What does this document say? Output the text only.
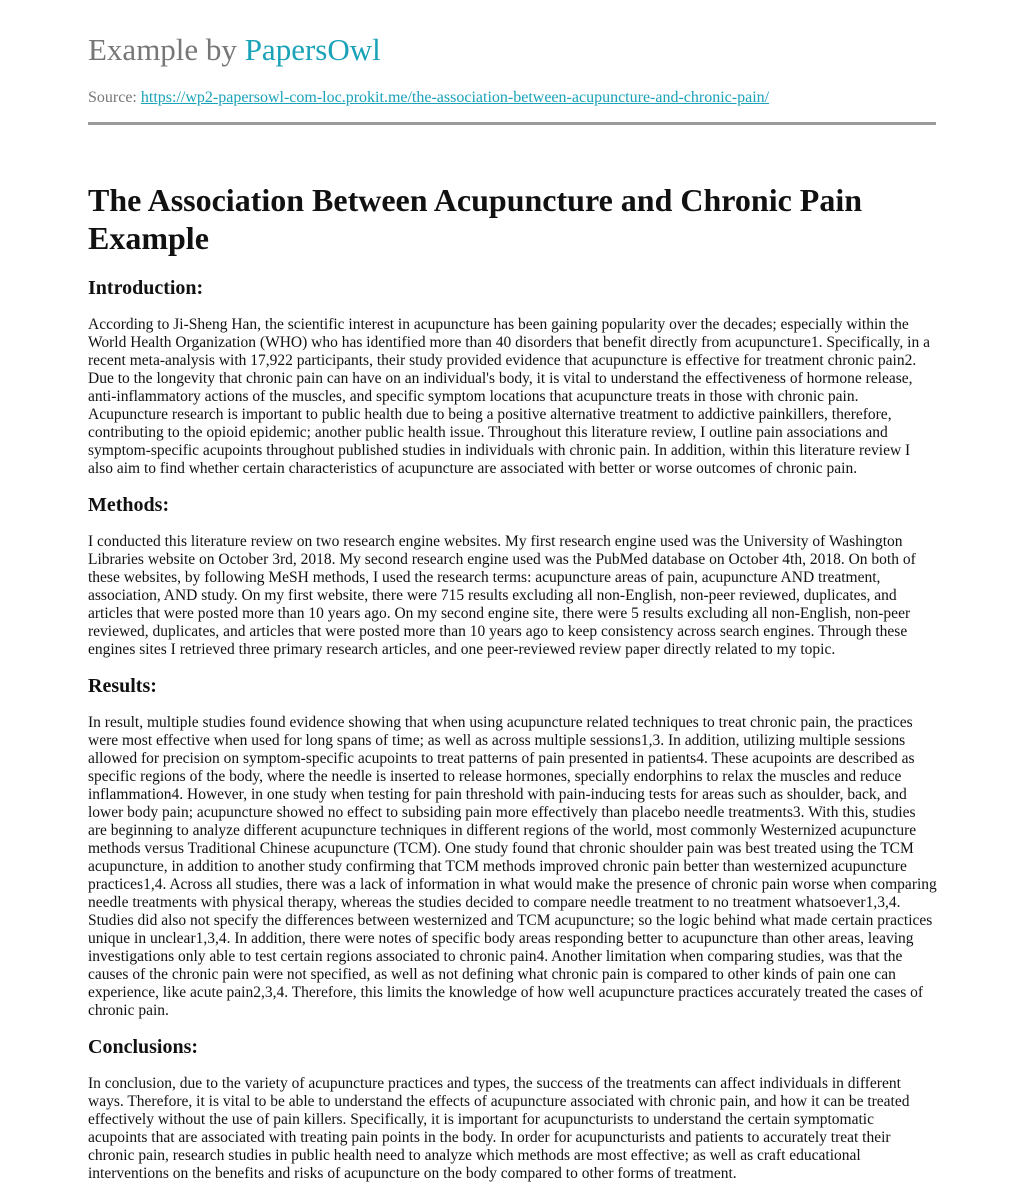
Example by PapersOwl
Source: https://wp2-papersowl-com-loc.prokit.me/the-association-between-acupuncture-and-chronic-pain/
The Association Between Acupuncture and Chronic Pain Example
Introduction:

According to Ji-Sheng Han, the scientific interest in acupuncture has been gaining popularity over the decades; especially within the World Health Organization (WHO) who has identified more than 40 disorders that benefit directly from acupuncture1. Specifically, in a recent meta-analysis with 17,922 participants, their study provided evidence that acupuncture is effective for treatment chronic pain2. Due to the longevity that chronic pain can have on an individual's body, it is vital to understand the effectiveness of hormone release, anti-inflammatory actions of the muscles, and specific symptom locations that acupuncture treats in those with chronic pain. Acupuncture research is important to public health due to being a positive alternative treatment to addictive painkillers, therefore, contributing to the opioid epidemic; another public health issue. Throughout this literature review, I outline pain associations and symptom-specific acupoints throughout published studies in individuals with chronic pain. In addition, within this literature review I also aim to find whether certain characteristics of acupuncture are associated with better or worse outcomes of chronic pain.

Methods:

I conducted this literature review on two research engine websites. My first research engine used was the University of Washington Libraries website on October 3rd, 2018. My second research engine used was the PubMed database on October 4th, 2018. On both of these websites, by following MeSH methods, I used the research terms: acupuncture areas of pain, acupuncture AND treatment, association, AND study. On my first website, there were 715 results excluding all non-English, non-peer reviewed, duplicates, and articles that were posted more than 10 years ago. On my second engine site, there were 5 results excluding all non-English, non-peer reviewed, duplicates, and articles that were posted more than 10 years ago to keep consistency across search engines. Through these engines sites I retrieved three primary research articles, and one peer-reviewed review paper directly related to my topic.

Results:

In result, multiple studies found evidence showing that when using acupuncture related techniques to treat chronic pain, the practices were most effective when used for long spans of time; as well as across multiple sessions1,3. In addition, utilizing multiple sessions allowed for precision on symptom-specific acupoints to treat patterns of pain presented in patients4. These acupoints are described as specific regions of the body, where the needle is inserted to release hormones, specially endorphins to relax the muscles and reduce inflammation4. However, in one study when testing for pain threshold with pain-inducing tests for areas such as shoulder, back, and lower body pain; acupuncture showed no effect to subsiding pain more effectively than placebo needle treatments3. With this, studies are beginning to analyze different acupuncture techniques in different regions of the world, most commonly Westernized acupuncture methods versus Traditional Chinese acupuncture (TCM). One study found that chronic shoulder pain was best treated using the TCM acupuncture, in addition to another study confirming that TCM methods improved chronic pain better than westernized acupuncture practices1,4. Across all studies, there was a lack of information in what would make the presence of chronic pain worse when comparing needle treatments with physical therapy, whereas the studies decided to compare needle treatment to no treatment whatsoever1,3,4. Studies did also not specify the differences between westernized and TCM acupuncture; so the logic behind what made certain practices unique in unclear1,3,4. In addition, there were notes of specific body areas responding better to acupuncture than other areas, leaving investigations only able to test certain regions associated to chronic pain4. Another limitation when comparing studies, was that the causes of the chronic pain were not specified, as well as not defining what chronic pain is compared to other kinds of pain one can experience, like acute pain2,3,4. Therefore, this limits the knowledge of how well acupuncture practices accurately treated the cases of chronic pain.

Conclusions:

In conclusion, due to the variety of acupuncture practices and types, the success of the treatments can affect individuals in different ways. Therefore, it is vital to be able to understand the effects of acupuncture associated with chronic pain, and how it can be treated effectively without the use of pain killers. Specifically, it is important for acupuncturists to understand the certain symptomatic acupoints that are associated with treating pain points in the body. In order for acupuncturists and patients to accurately treat their chronic pain, research studies in public health need to analyze which methods are most effective; as well as craft educational interventions on the benefits and risks of acupuncture on the body compared to other forms of treatment.
